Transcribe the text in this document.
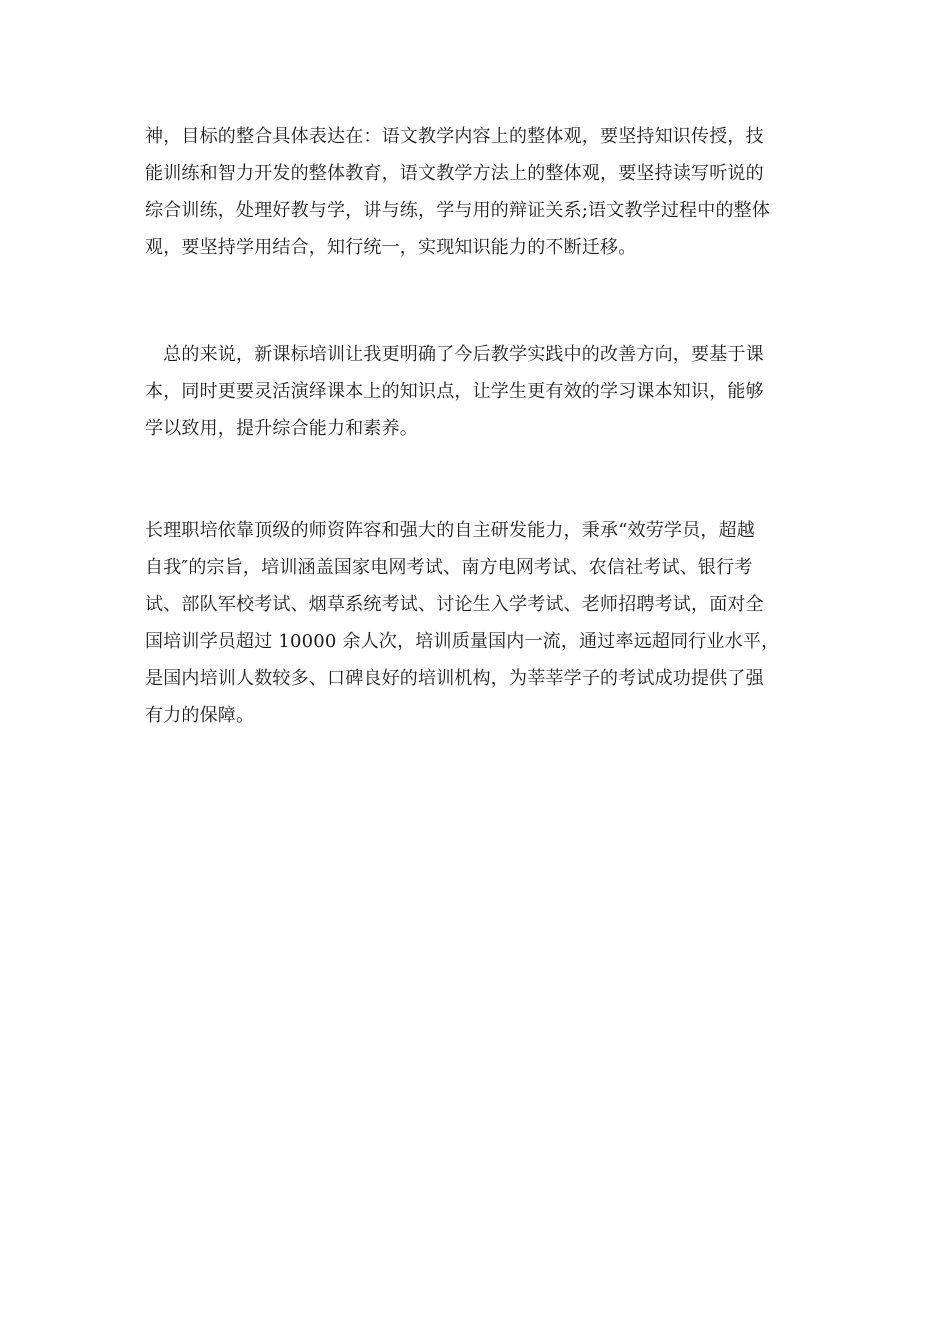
神，目标的整合具体表达在：语文教学内容上的整体观，要坚持知识传授，技
能训练和智力开发的整体教育，语文教学方法上的整体观，要坚持读写听说的
综合训练，处理好教与学，讲与练，学与用的辩证关系;语文教学过程中的整体
观，要坚持学用结合，知行统一，实现知识能力的不断迁移。

　总的来说，新课标培训让我更明确了今后教学实践中的改善方向，要基于课
本，同时更要灵活演绎课本上的知识点，让学生更有效的学习课本知识，能够
学以致用，提升综合能力和素养。

长理职培依靠顶级的师资阵容和强大的自主研发能力，秉承“效劳学员，超越
自我″的宗旨，培训涵盖国家电网考试、南方电网考试、农信社考试、银行考
试、部队军校考试、烟草系统考试、讨论生入学考试、老师招聘考试，面对全
国培训学员超过 10000 余人次，培训质量国内一流，通过率远超同行业水平，
是国内培训人数较多、口碑良好的培训机构，为莘莘学子的考试成功提供了强
有力的保障。
